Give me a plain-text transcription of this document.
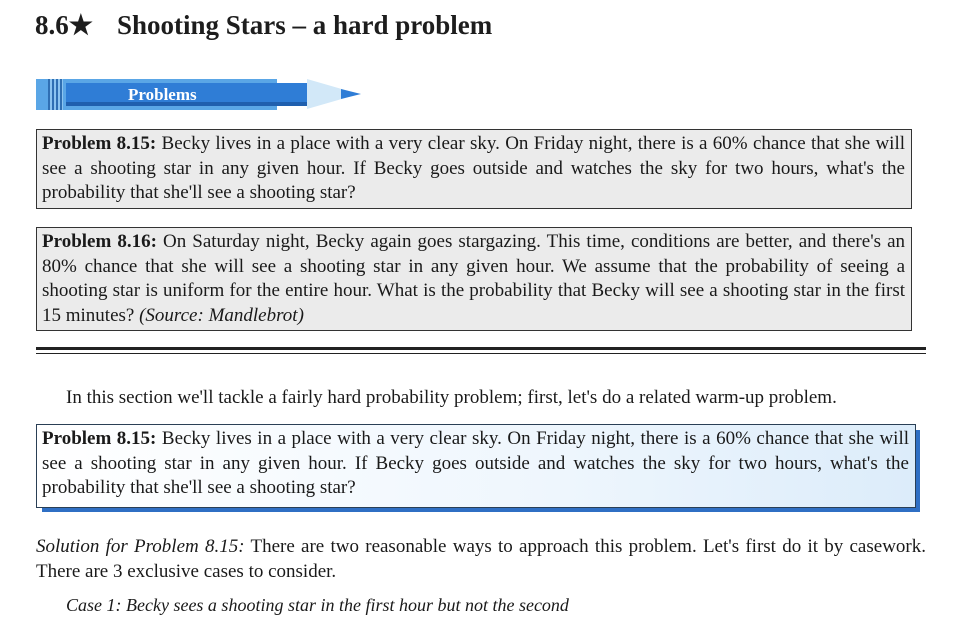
8.6★ Shooting Stars – a hard problem
Problems
Problem 8.15: Becky lives in a place with a very clear sky. On Friday night, there is a 60% chance that she will see a shooting star in any given hour. If Becky goes outside and watches the sky for two hours, what's the probability that she'll see a shooting star?
Problem 8.16: On Saturday night, Becky again goes stargazing. This time, conditions are better, and there's an 80% chance that she will see a shooting star in any given hour. We assume that the probability of seeing a shooting star is uniform for the entire hour. What is the probability that Becky will see a shooting star in the first 15 minutes? (Source: Mandlebrot)
In this section we'll tackle a fairly hard probability problem; first, let's do a related warm-up problem.
Problem 8.15: Becky lives in a place with a very clear sky. On Friday night, there is a 60% chance that she will see a shooting star in any given hour. If Becky goes outside and watches the sky for two hours, what's the probability that she'll see a shooting star?
Solution for Problem 8.15: There are two reasonable ways to approach this problem. Let's first do it by casework. There are 3 exclusive cases to consider.
Case 1: Becky sees a shooting star in the first hour but not the second
